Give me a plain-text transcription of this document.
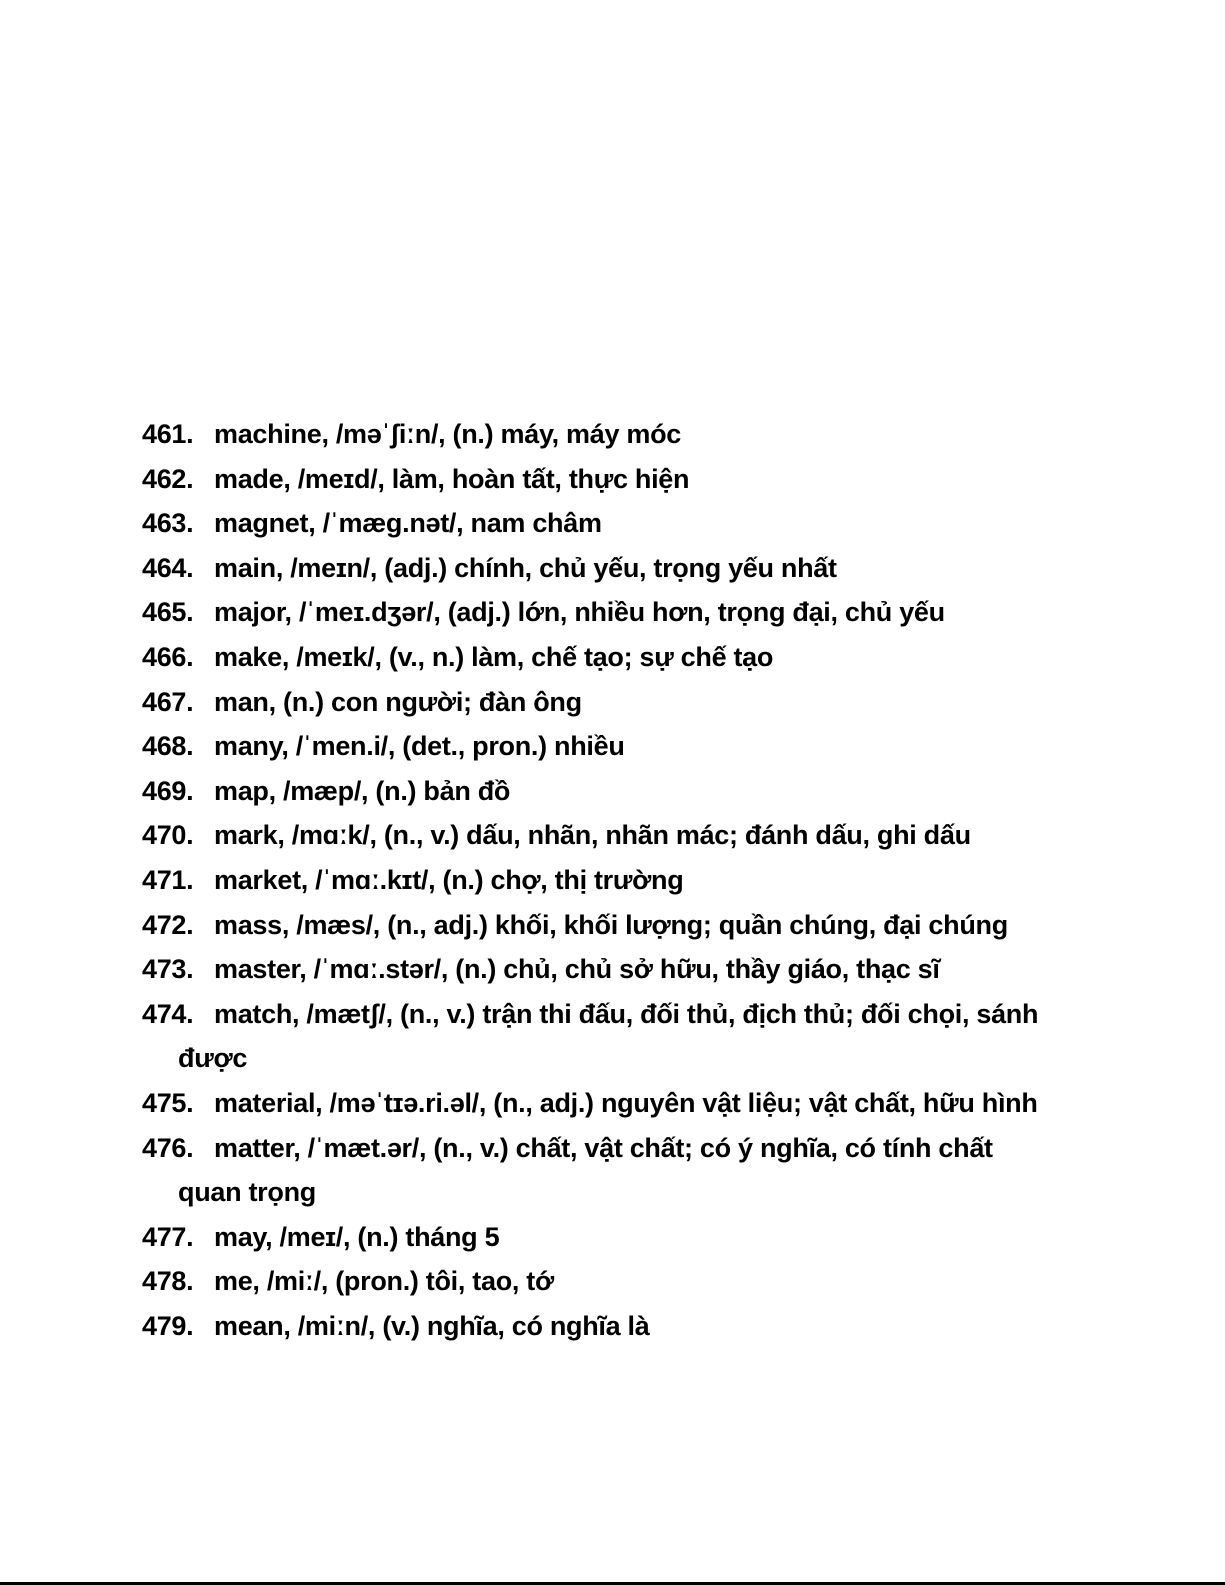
461. machine, /məˈʃiːn/, (n.) máy, máy móc
462. made, /meɪd/, làm, hoàn tất, thực hiện
463. magnet, /ˈmæg.nət/, nam châm
464. main, /meɪn/, (adj.) chính, chủ yếu, trọng yếu nhất
465. major, /ˈmeɪ.dʒər/, (adj.) lớn, nhiều hơn, trọng đại, chủ yếu
466. make, /meɪk/, (v., n.) làm, chế tạo; sự chế tạo
467. man, (n.) con người; đàn ông
468. many, /ˈmen.i/, (det., pron.) nhiều
469. map, /mæp/, (n.) bản đồ
470. mark, /mɑːk/, (n., v.) dấu, nhãn, nhãn mác; đánh dấu, ghi dấu
471. market, /ˈmɑː.kɪt/, (n.) chợ, thị trường
472. mass, /mæs/, (n., adj.) khối, khối lượng; quần chúng, đại chúng
473. master, /ˈmɑː.stər/, (n.) chủ, chủ sở hữu, thầy giáo, thạc sĩ
474. match, /mætʃ/, (n., v.) trận thi đấu, đối thủ, địch thủ; đối chọi, sánh được
475. material, /məˈtɪə.ri.əl/, (n., adj.) nguyên vật liệu; vật chất, hữu hình
476. matter, /ˈmæt.ər/, (n., v.) chất, vật chất; có ý nghĩa, có tính chất quan trọng
477. may, /meɪ/, (n.) tháng 5
478. me, /miː/, (pron.) tôi, tao, tớ
479. mean, /miːn/, (v.) nghĩa, có nghĩa là
